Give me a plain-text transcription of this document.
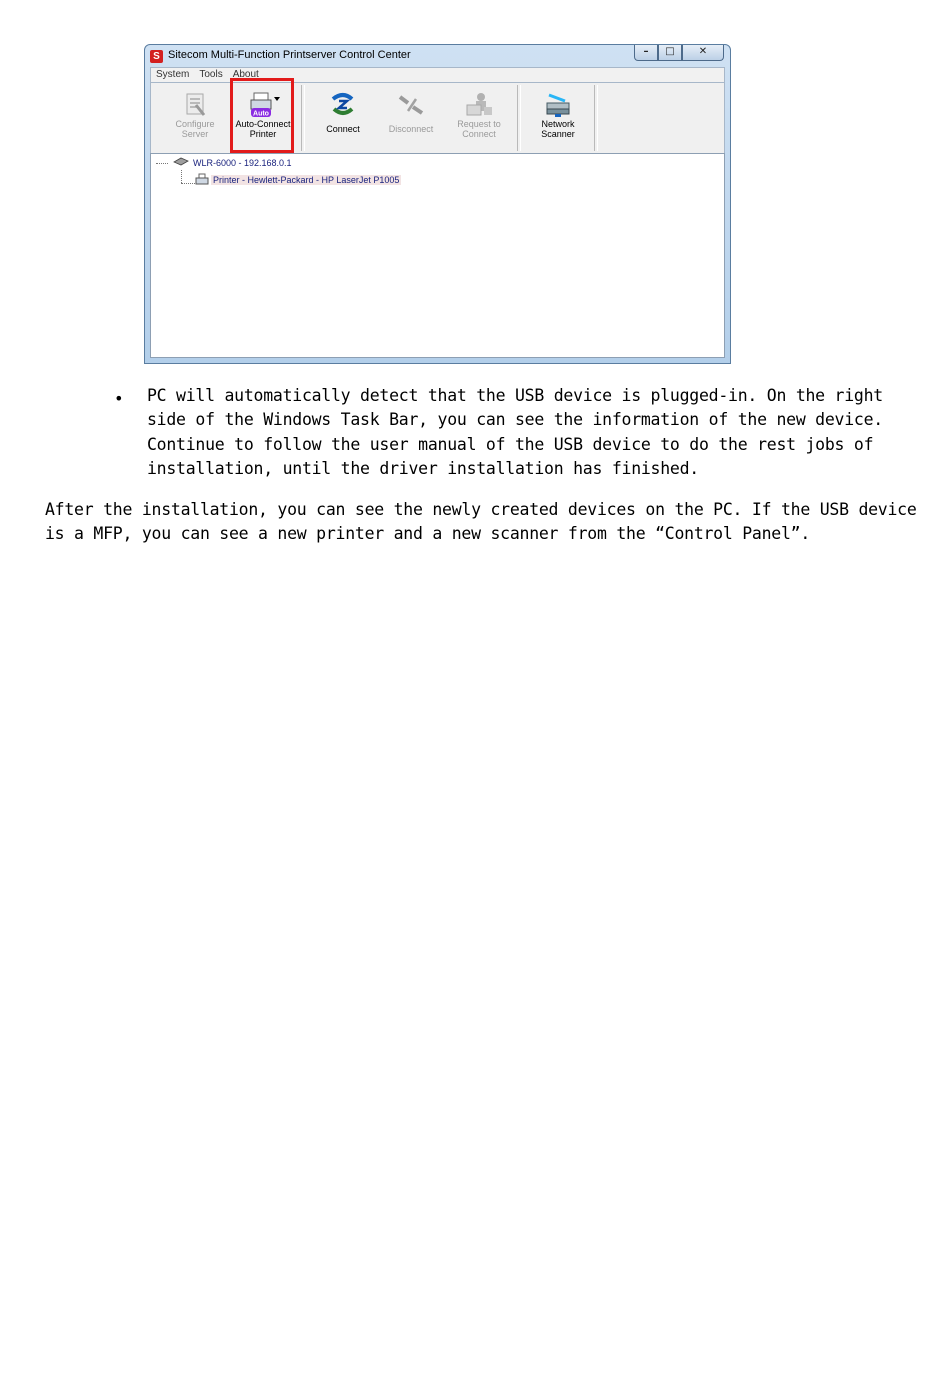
S Sitecom Multi-Function Printserver Control Center	–	□	✕
System	Tools	About
Configure
Server
Auto
Auto-Connect
Printer	Connect	Disconnect	Request to
Connect
Network
Scanner
WLR-6000 - 192.168.0.1
Printer - Hewlett-Packard - HP LaserJet P1005
• PC will automatically detect that the USB device is plugged-in. On the right
side of the Windows Task Bar, you can see the information of the new device.
Continue to follow the user manual of the USB device to do the rest jobs of
installation, until the driver installation has finished.
After the installation, you can see the newly created devices on the PC. If the USB device
is a MFP, you can see a new printer and a new scanner from the “Control Panel”.
